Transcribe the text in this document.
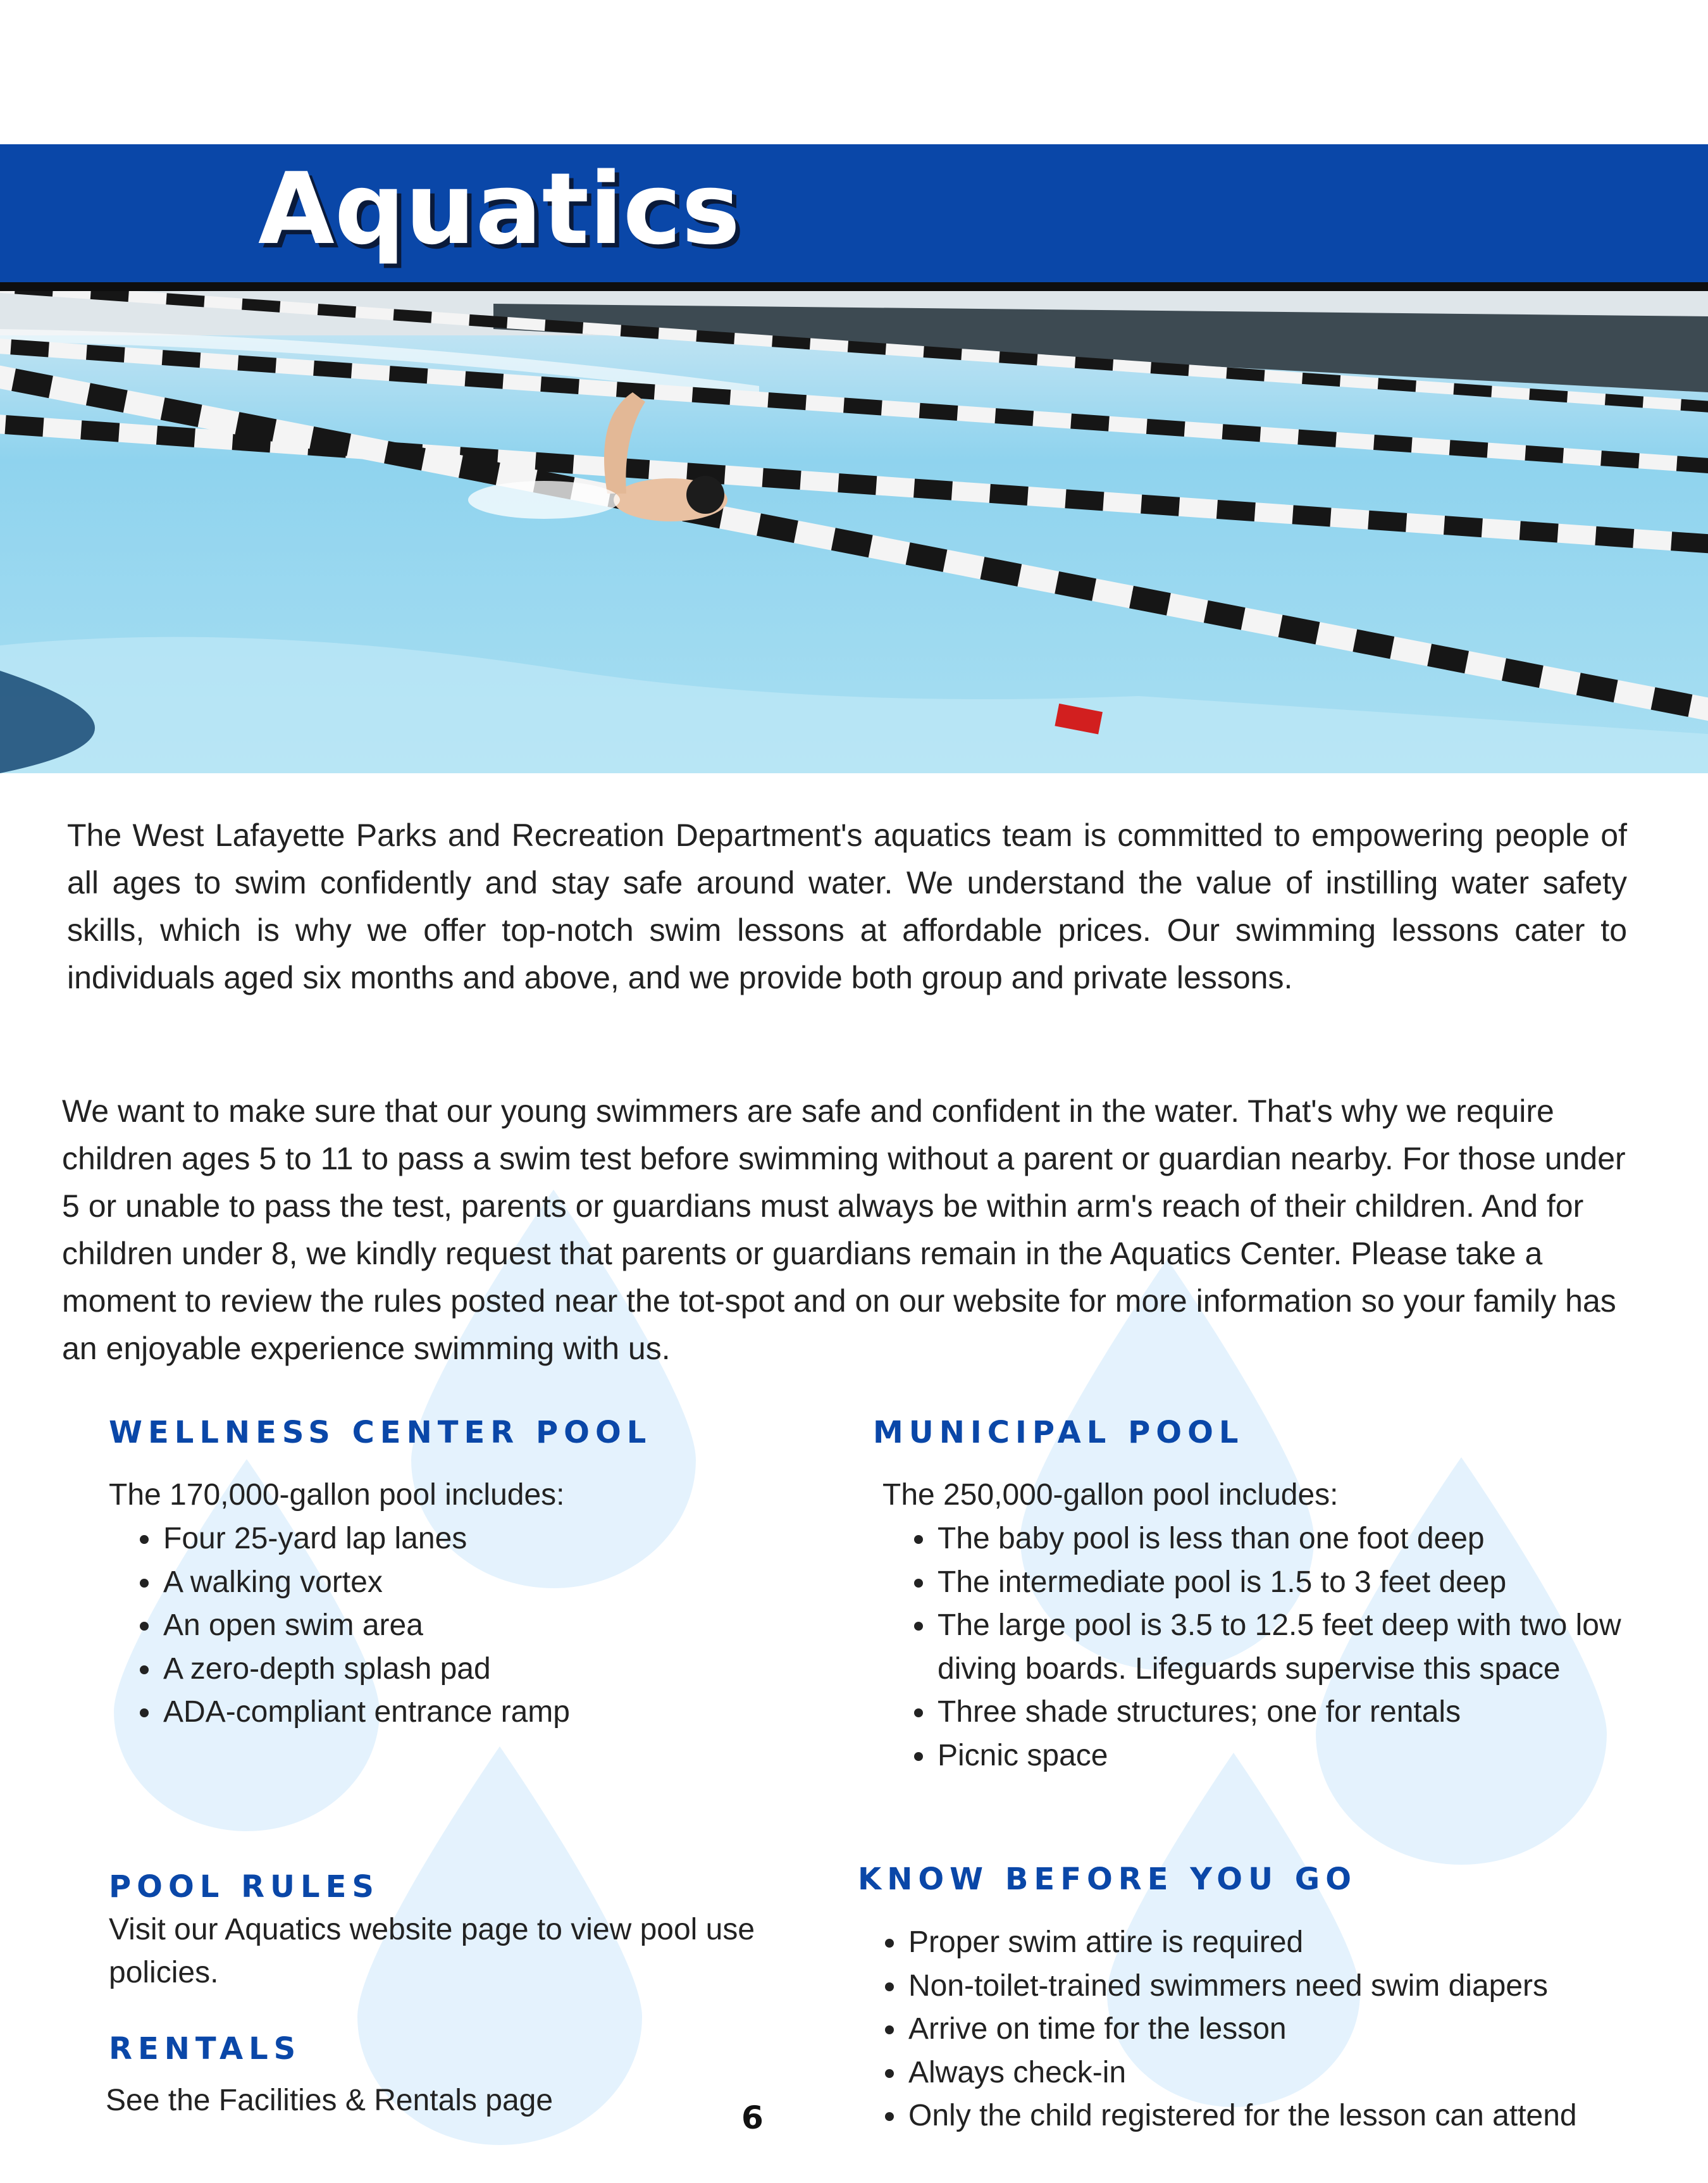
Aquatics

The West Lafayette Parks and Recreation Department's aquatics team is committed to empowering people of all ages to swim confidently and stay safe around water. We understand the value of instilling water safety skills, which is why we offer top-notch swim lessons at affordable prices. Our swimming lessons cater to individuals aged six months and above, and we provide both group and private lessons.

We want to make sure that our young swimmers are safe and confident in the water. That's why we require children ages 5 to 11 to pass a swim test before swimming without a parent or guardian nearby. For those under 5 or unable to pass the test, parents or guardians must always be within arm's reach of their children. And for children under 8, we kindly request that parents or guardians remain in the Aquatics Center. Please take a moment to review the rules posted near the tot-spot and on our website for more information so your family has an enjoyable experience swimming with us.

WELLNESS CENTER POOL

The 170,000-gallon pool includes:

• Four 25-yard lap lanes
• A walking vortex
• An open swim area
• A zero-depth splash pad
• ADA-compliant entrance ramp
MUNICIPAL POOL

The 250,000-gallon pool includes:

• The baby pool is less than one foot deep
• The intermediate pool is 1.5 to 3 feet deep
• The large pool is 3.5 to 12.5 feet deep with two low diving boards. Lifeguards supervise this space
• Three shade structures; one for rentals
• Picnic space
POOL RULES

Visit our Aquatics website page to view pool use policies.

RENTALS

See the Facilities & Rentals page

KNOW BEFORE YOU GO
• Proper swim attire is required
• Non-toilet-trained swimmers need swim diapers
• Arrive on time for the lesson
• Always check-in
• Only the child registered for the lesson can attend
6
